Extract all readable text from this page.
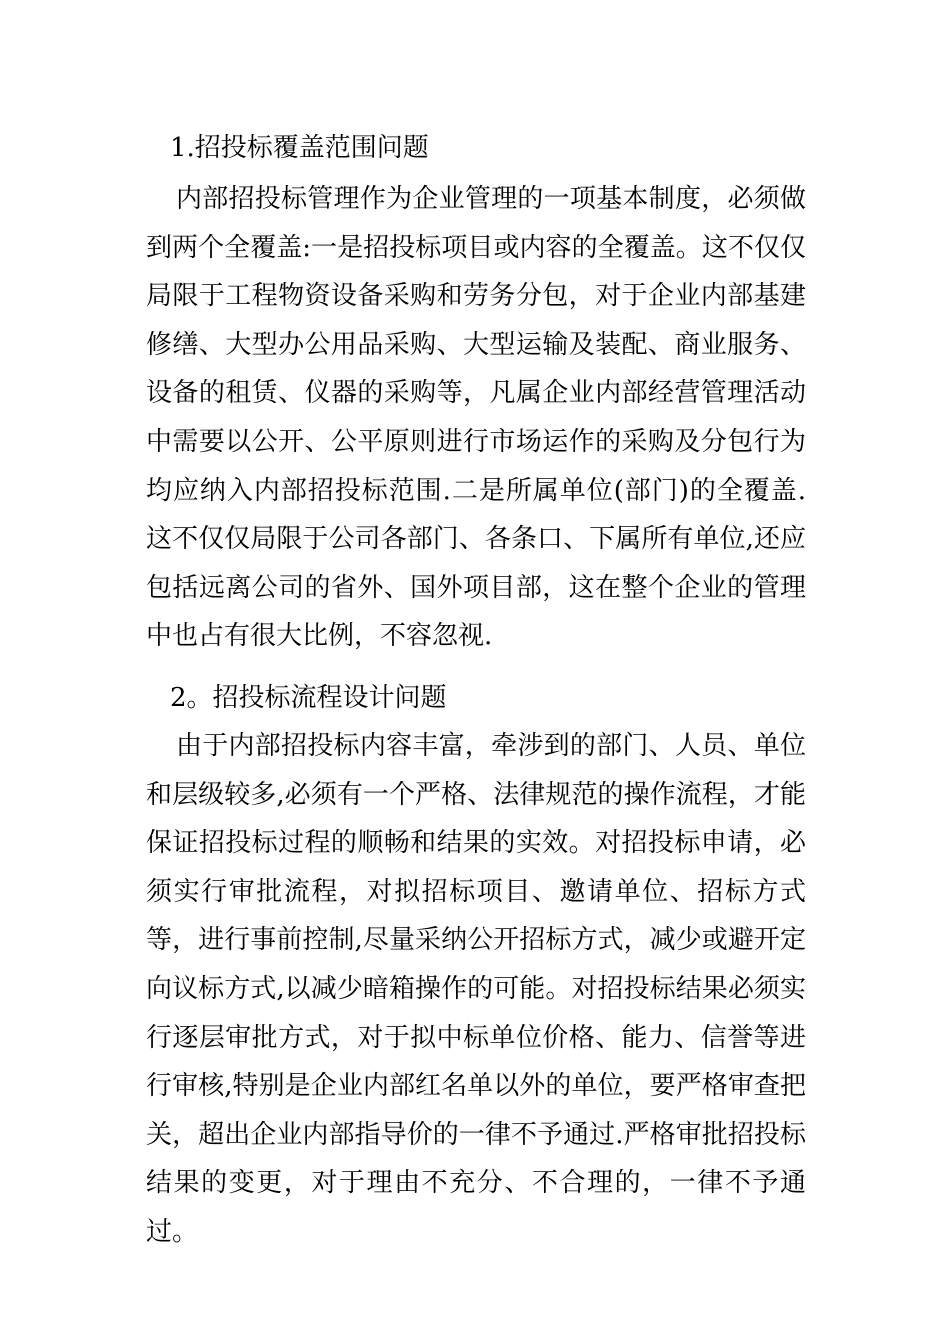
1.招投标覆盖范围问题
内部招投标管理作为企业管理的一项基本制度，必须做到两个全覆盖:一是招投标项目或内容的全覆盖。这不仅仅局限于工程物资设备采购和劳务分包，对于企业内部基建修缮、大型办公用品采购、大型运输及装配、商业服务、设备的租赁、仪器的采购等，凡属企业内部经营管理活动中需要以公开、公平原则进行市场运作的采购及分包行为均应纳入内部招投标范围.二是所属单位(部门)的全覆盖.这不仅仅局限于公司各部门、各条口、下属所有单位,还应包括远离公司的省外、国外项目部，这在整个企业的管理中也占有很大比例，不容忽视.
2。招投标流程设计问题
由于内部招投标内容丰富，牵涉到的部门、人员、单位和层级较多,必须有一个严格、法律规范的操作流程，才能保证招投标过程的顺畅和结果的实效。对招投标申请，必须实行审批流程，对拟招标项目、邀请单位、招标方式等，进行事前控制,尽量采纳公开招标方式，减少或避开定向议标方式,以减少暗箱操作的可能。对招投标结果必须实行逐层审批方式，对于拟中标单位价格、能力、信誉等进行审核,特别是企业内部红名单以外的单位，要严格审查把关，超出企业内部指导价的一律不予通过.严格审批招投标结果的变更，对于理由不充分、不合理的，一律不予通过。
